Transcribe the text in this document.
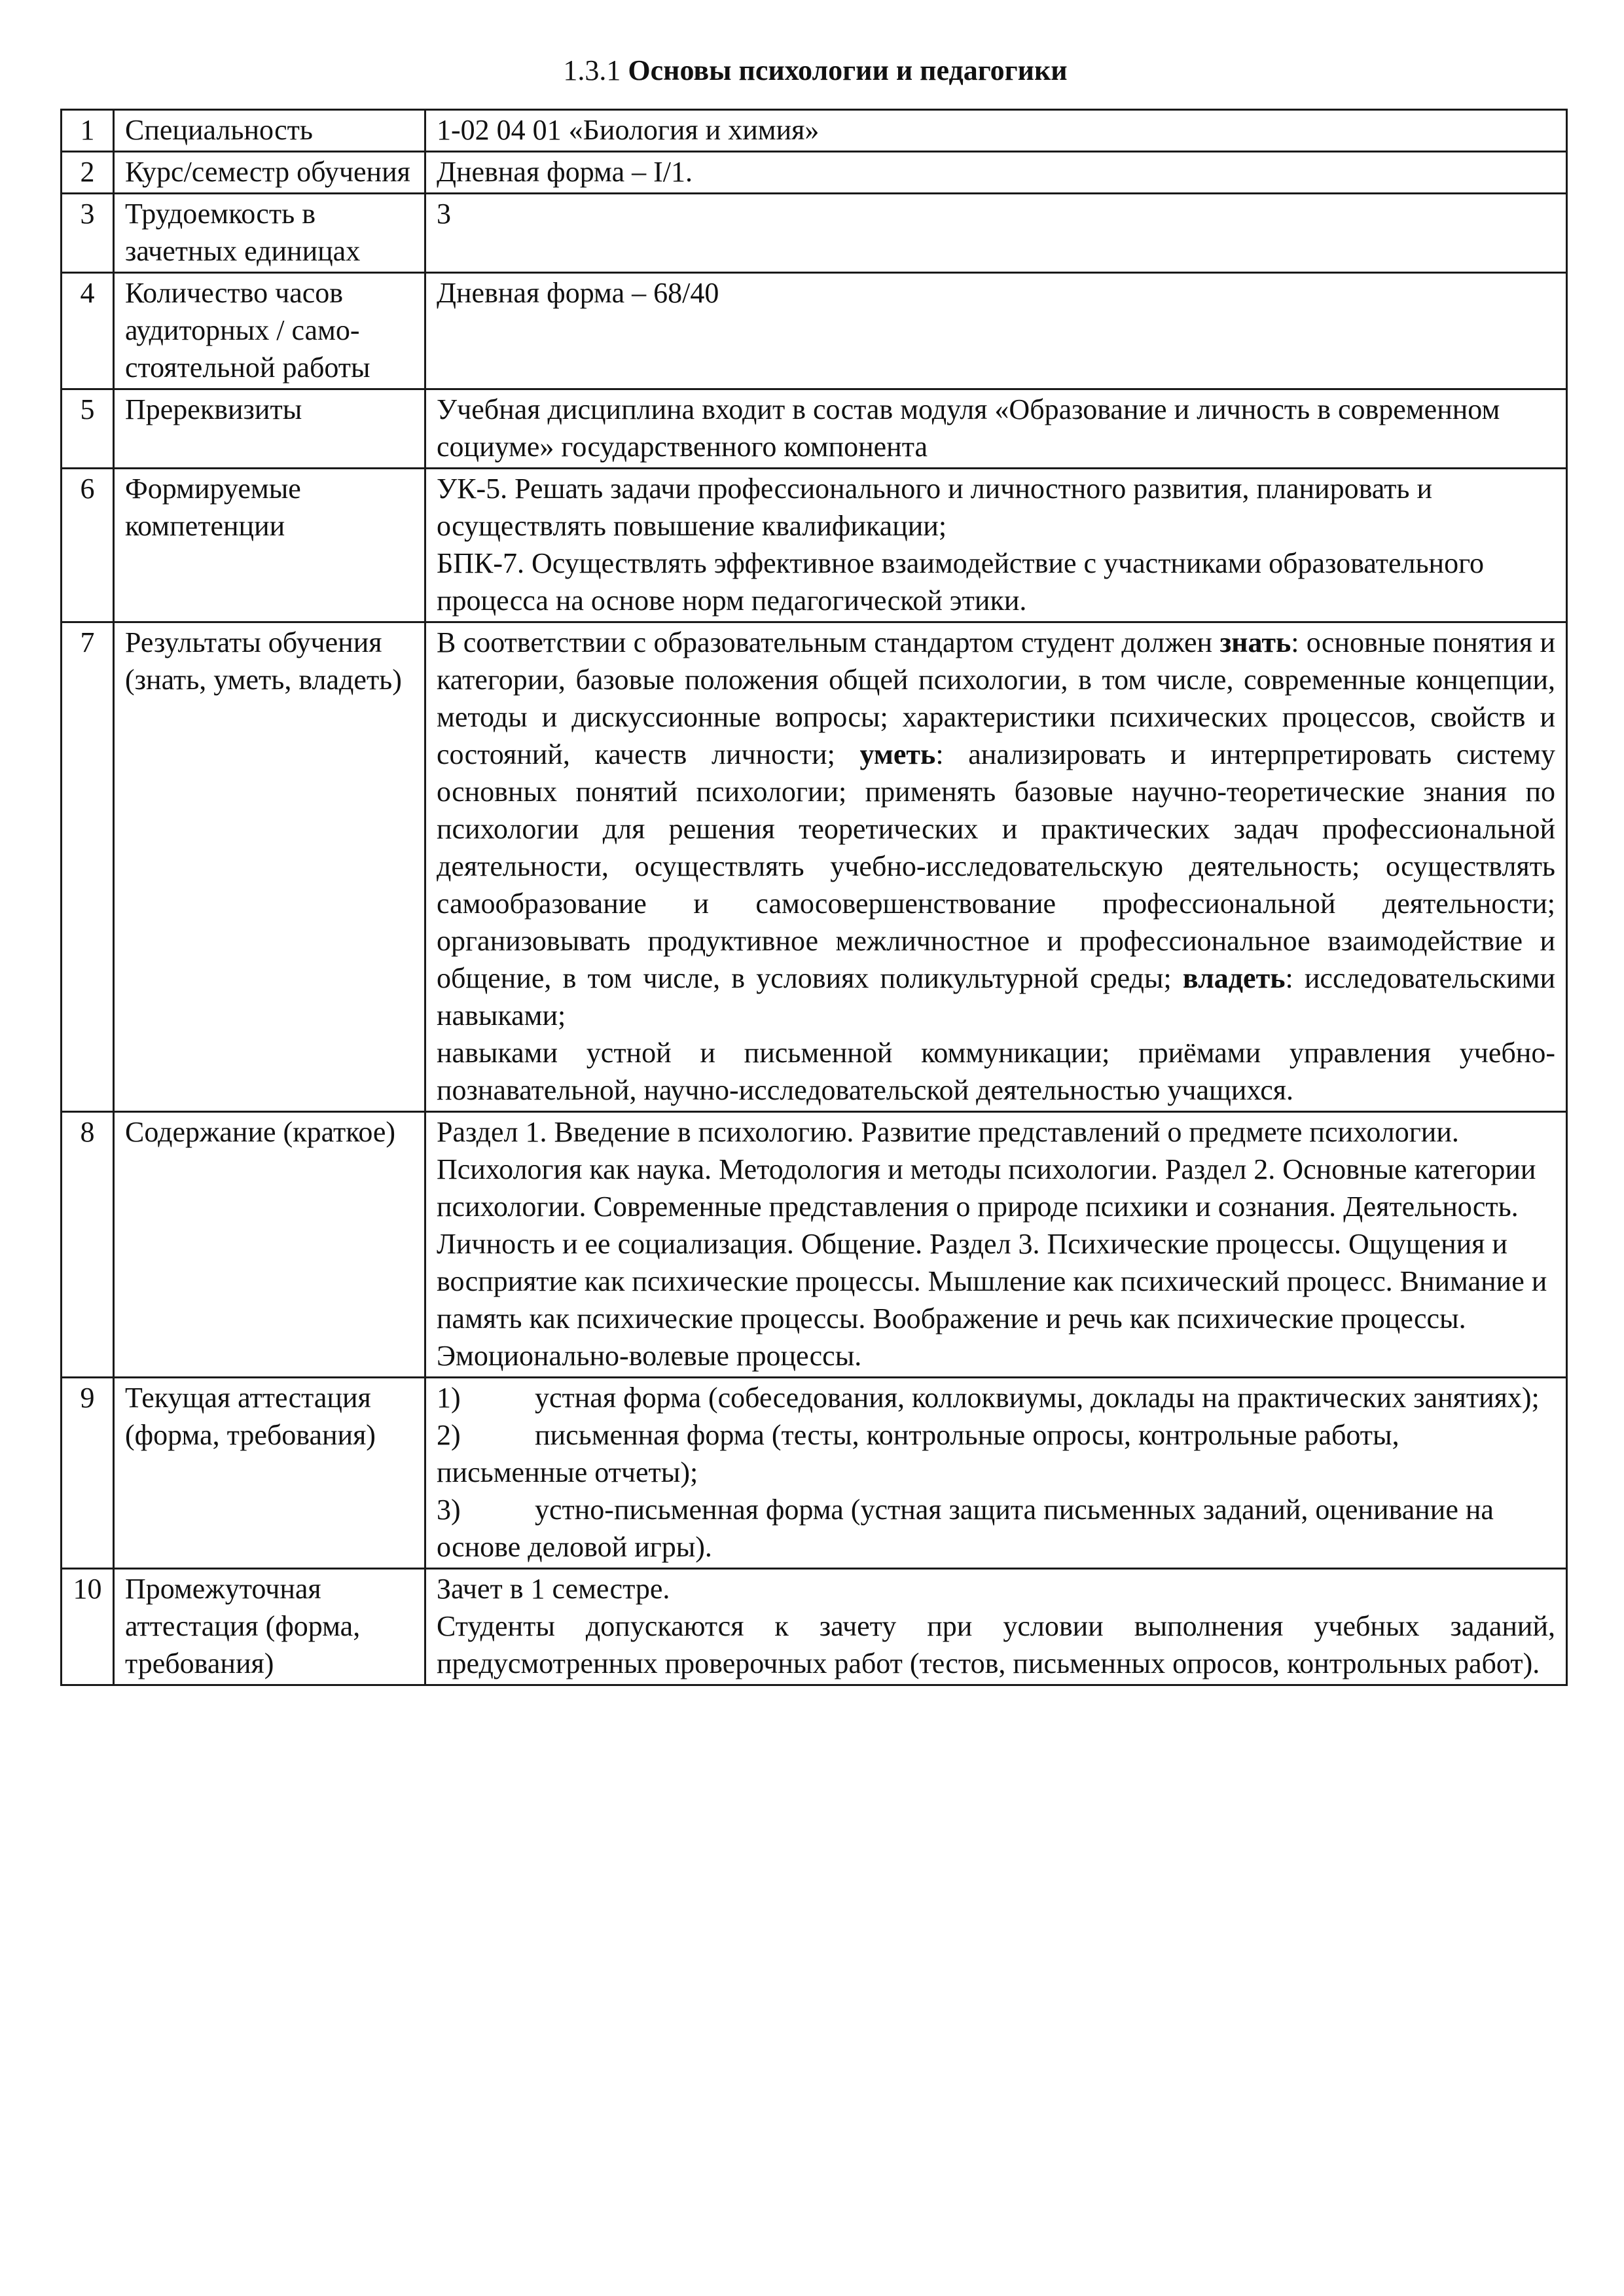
1.3.1 Основы психологии и педагогики
1	Специальность	1-02 04 01 «Биология и химия»
2	Курс/семестр обучения	Дневная форма – I/1.
3	Трудоемкость в зачетных единицах	3
4	Количество часов аудиторных / само-стоятельной работы	Дневная форма – 68/40
5	Пререквизиты	Учебная дисциплина входит в состав модуля «Образование и личность в современном социуме» государственного компонента
6	Формируемые компетенции	УК-5. Решать задачи профессионального и личностного развития, планировать и осуществлять повышение квалификации;
БПК-7. Осуществлять эффективное взаимодействие с участниками образовательного процесса на основе норм педагогической этики.

7	Результаты обучения (знать, уметь, владеть)	В соответствии с образовательным стандартом студент должен знать: основные понятия и категории, базовые положения общей психологии, в том числе, современные концепции, методы и дискуссионные вопросы; характеристики психических процессов, свойств и состояний, качеств личности; уметь: анализировать и интерпретировать систему основных понятий психологии; применять базовые научно-теоретические знания по психологии для решения теоретических и практических задач профессиональной деятельности, осуществлять учебно-исследовательскую деятельность; осуществлять самообразование и самосовершенствование профессиональной деятельности; организовывать продуктивное межличностное и профессиональное взаимодействие и общение, в том числе, в условиях поликультурной среды; владеть: исследовательскими навыками;
навыками устной и письменной коммуникации; приёмами управления учебно-познавательной, научно-исследовательской деятельностью учащихся.

8	Содержание (краткое)	Раздел 1. Введение в психологию. Развитие представлений о предмете психологии. Психология как наука. Методология и методы психологии. Раздел 2. Основные категории психологии. Современные представления о природе психики и сознания. Деятельность. Личность и ее социализация. Общение. Раздел 3. Психические процессы. Ощущения и восприятие как психические процессы. Мышление как психический процесс. Внимание и память как психические процессы. Воображение и речь как психические процессы. Эмоционально-волевые процессы.
9	Текущая аттестация (форма, требования)	1) устная форма (собеседования, коллоквиумы, доклады на практических занятиях);
2) письменная форма (тесты, контрольные опросы, контрольные работы, письменные отчеты);
3) устно-письменная форма (устная защита письменных заданий, оценивание на основе деловой игры).

10	Промежуточная аттестация (форма, требования)	Зачет в 1 семестре.
Студенты допускаются к зачету при условии выполнения учебных заданий, предусмотренных проверочных работ (тестов, письменных опросов, контрольных работ).
